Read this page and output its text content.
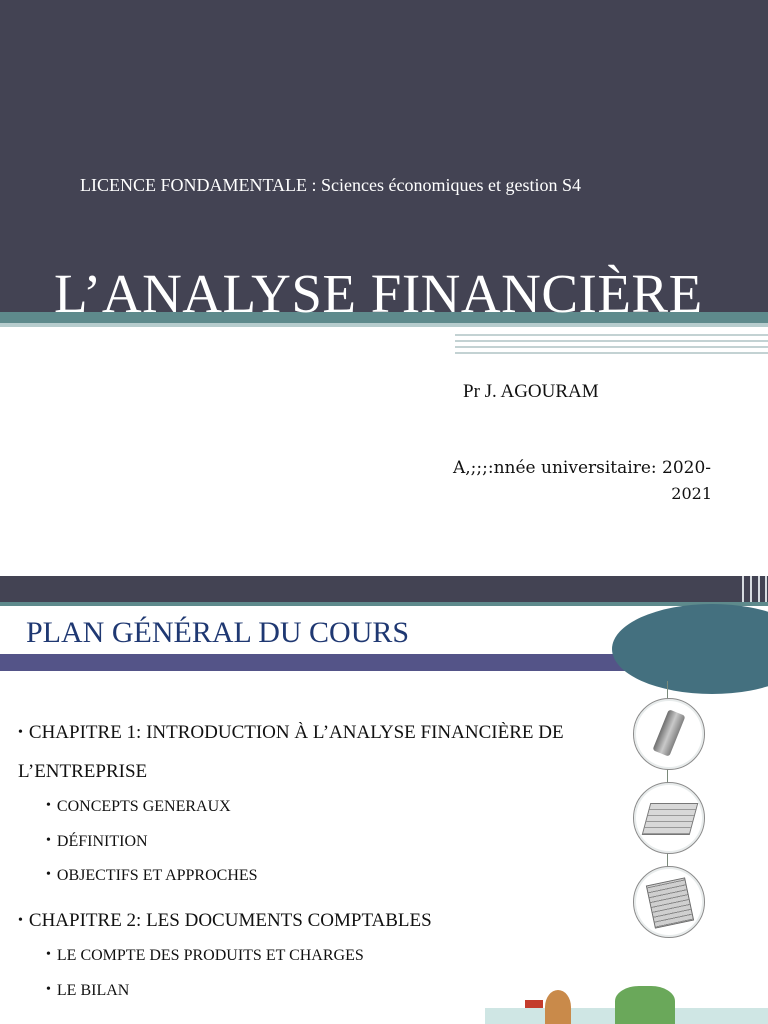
LICENCE FONDAMENTALE : Sciences économiques et gestion S4
L’ANALYSE FINANCIÈRE
Pr J. AGOURAM
A,;;;:nnée universitaire: 2020-
2021
PLAN GÉNÉRAL DU COURS
• CHAPITRE 1: INTRODUCTION À L’ANALYSE FINANCIÈRE DE
L’ENTREPRISE
• CONCEPTS GENERAUX
• DÉFINITION
• OBJECTIFS ET APPROCHES
• CHAPITRE 2: LES DOCUMENTS COMPTABLES
• LE COMPTE DES PRODUITS ET CHARGES
• LE BILAN
